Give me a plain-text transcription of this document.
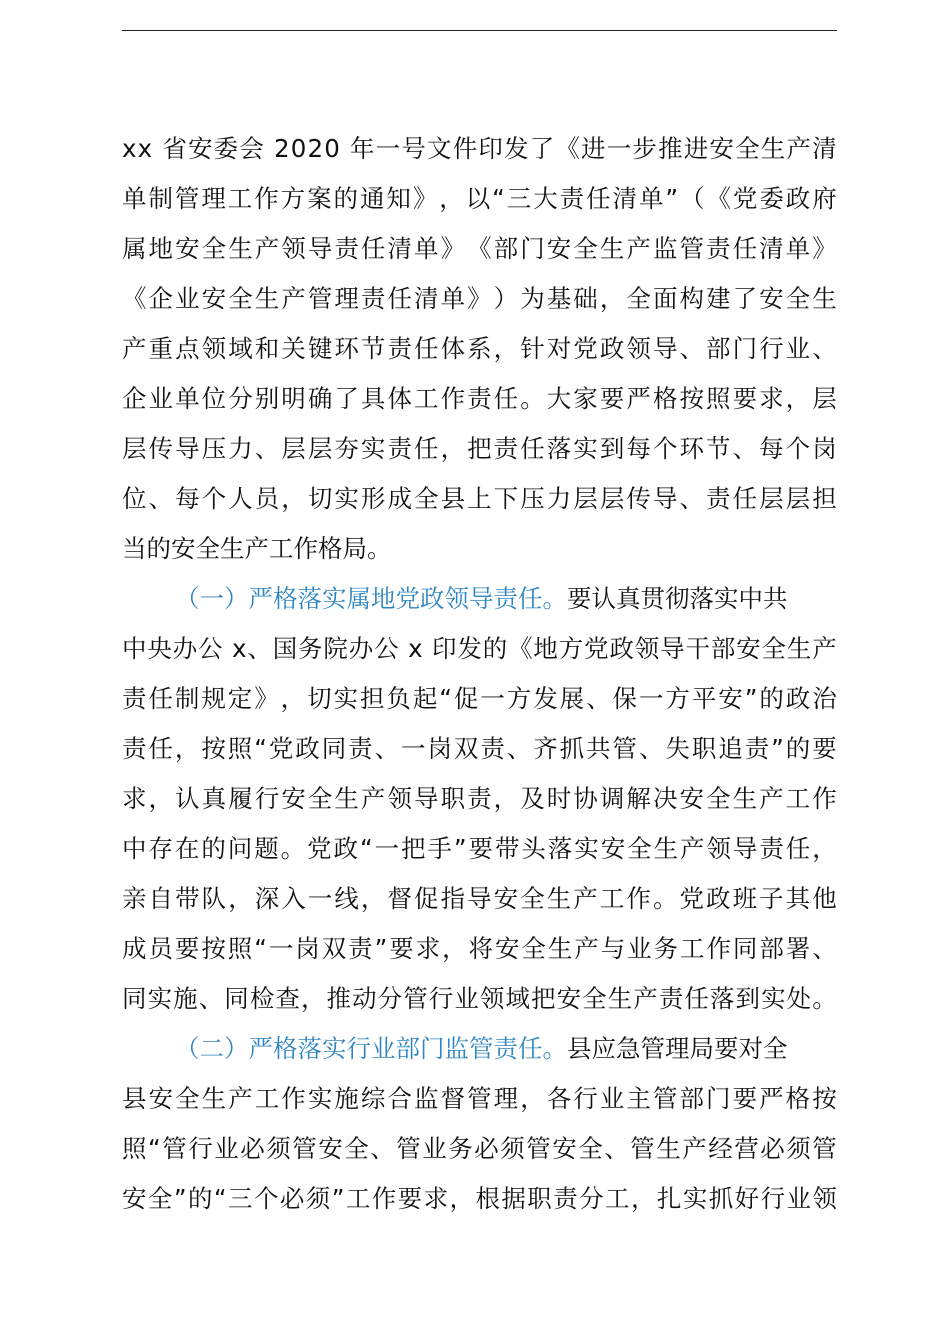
x x
省 安 委 会
2 0 2 0
年 一 号 文 件 印 发 了 《 进 一 步 推 进 安 全 生 产 清
单 制 管 理 工 作 方 案 的 通 知 》 ， 以 “ 三 大 责 任 清 单 ” （ 《 党 委 政 府
属 地 安 全 生 产 领 导 责 任 清 单 》 《 部 门 安 全 生 产 监 管 责 任 清 单 》
《 企 业 安 全 生 产 管 理 责 任 清 单 》 ） 为 基 础 ， 全 面 构 建 了 安 全 生
产 重 点 领 域 和 关 键 环 节 责 任 体 系 ， 针 对 党 政 领 导 、 部 门 行 业 、
企 业 单 位 分 别 明 确 了 具 体 工 作 责 任 。 大 家 要 严 格 按 照 要 求 ， 层
层 传 导 压 力 、 层 层 夯 实 责 任 ， 把 责 任 落 实 到 每 个 环 节 、 每 个 岗
位 、 每 个 人 员 ， 切 实 形 成 全 县 上 下 压 力 层 层 传 导 、 责 任 层 层 担
当的安全生产工作格局。
（一）严格落实属地党政领导责任。 要认真贯彻落实中共
中 央 办 公
x 、 国 务 院 办 公
x
印 发 的 《 地 方 党 政 领 导 干 部 安 全 生 产
责 任 制 规 定 》 ， 切 实 担 负 起 “ 促 一 方 发 展 、 保 一 方 平 安 ” 的 政 治
责 任 ， 按 照 “ 党 政 同 责 、 一 岗 双 责 、 齐 抓 共 管 、 失 职 追 责 ” 的 要
求 ， 认 真 履 行 安 全 生 产 领 导 职 责 ， 及 时 协 调 解 决 安 全 生 产 工 作
中 存 在 的 问 题 。 党 政 “ 一 把 手 ” 要 带 头 落 实 安 全 生 产 领 导 责 任 ，
亲 自 带 队 ， 深 入 一 线 ， 督 促 指 导 安 全 生 产 工 作 。 党 政 班 子 其 他
成 员 要 按 照 “ 一 岗 双 责 ” 要 求 ， 将 安 全 生 产 与 业 务 工 作 同 部 署 、
同 实 施 、 同 检 查 ， 推 动 分 管 行 业 领 域 把 安 全 生 产 责 任 落 到 实 处 。
（二）严格落实行业部门监管责任。 县应急管理局要对全
县 安 全 生 产 工 作 实 施 综 合 监 督 管 理 ， 各 行 业 主 管 部 门 要 严 格 按
照 “ 管 行 业 必 须 管 安 全 、 管 业 务 必 须 管 安 全 、 管 生 产 经 营 必 须 管
安 全 ” 的 “ 三 个 必 须 ” 工 作 要 求 ， 根 据 职 责 分 工 ， 扎 实 抓 好 行 业 领
